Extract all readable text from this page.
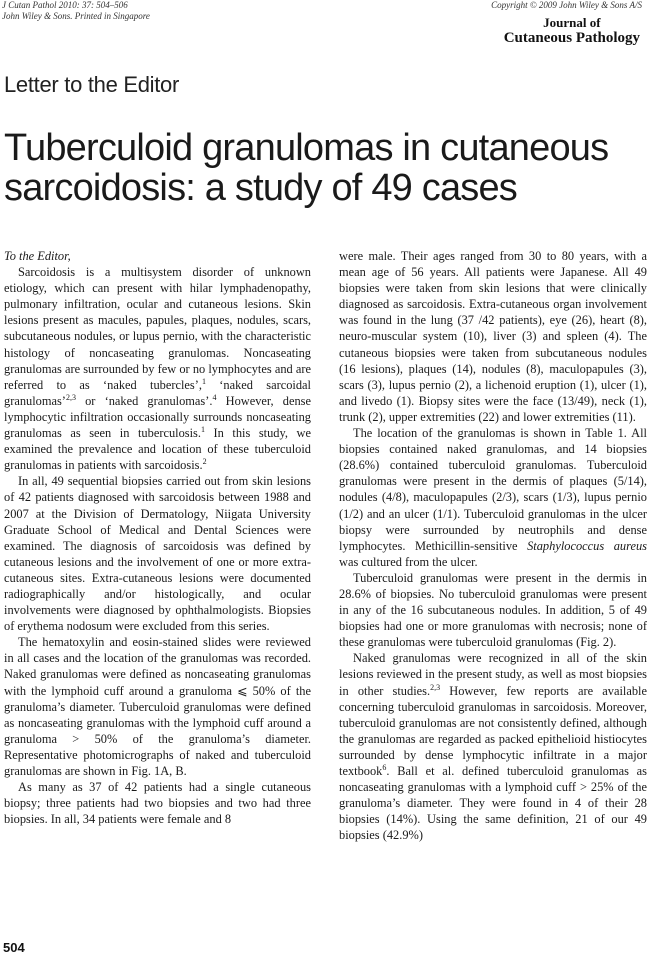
J Cutan Pathol 2010: 37: 504–506
John Wiley & Sons. Printed in Singapore
Copyright © 2009 John Wiley & Sons A/S
Journal of
Cutaneous Pathology
Letter to the Editor
Tuberculoid granulomas in cutaneous sarcoidosis: a study of 49 cases

To the Editor,

Sarcoidosis is a multisystem disorder of unknown etiology, which can present with hilar lymphadenopathy, pulmonary infiltration, ocular and cutaneous lesions. Skin lesions present as macules, papules, plaques, nodules, scars, subcutaneous nodules, or lupus pernio, with the characteristic histology of noncaseating granulomas. Noncaseating granulomas are surrounded by few or no lymphocytes and are referred to as ‘naked tubercles’,$^1$ ‘naked sarcoidal granulomas’$^{2,3}$ or ‘naked granulomas’.$^4$ However, dense lymphocytic infiltration occasionally surrounds noncaseating granulomas as seen in tuberculosis.$^1$ In this study, we examined the prevalence and location of these tuberculoid granulomas in patients with sarcoidosis.$^2$

In all, 49 sequential biopsies carried out from skin lesions of 42 patients diagnosed with sarcoidosis between 1988 and 2007 at the Division of Dermatology, Niigata University Graduate School of Medical and Dental Sciences were examined. The diagnosis of sarcoidosis was defined by cutaneous lesions and the involvement of one or more extra-cutaneous sites. Extra-cutaneous lesions were documented radiographically and/or histologically, and ocular involvements were diagnosed by ophthalmologists. Biopsies of erythema nodosum were excluded from this series.

The hematoxylin and eosin-stained slides were reviewed in all cases and the location of the granulomas was recorded. Naked granulomas were defined as noncaseating granulomas with the lymphoid cuff around a granuloma ⩽ 50% of the granuloma’s diameter. Tuberculoid granulomas were defined as noncaseating granulomas with the lymphoid cuff around a granuloma > 50% of the granuloma’s diameter. Representative photomicrographs of naked and tuberculoid granulomas are shown in Fig. 1A, B.

As many as 37 of 42 patients had a single cutaneous biopsy; three patients had two biopsies and two had three biopsies. In all, 34 patients were female and 8

were male. Their ages ranged from 30 to 80 years, with a mean age of 56 years. All patients were Japanese. All 49 biopsies were taken from skin lesions that were clinically diagnosed as sarcoidosis. Extra-cutaneous organ involvement was found in the lung (37 /42 patients), eye (26), heart (8), neuro-muscular system (10), liver (3) and spleen (4). The cutaneous biopsies were taken from subcutaneous nodules (16 lesions), plaques (14), nodules (8), maculopapules (3), scars (3), lupus pernio (2), a lichenoid eruption (1), ulcer (1), and livedo (1). Biopsy sites were the face (13/49), neck (1), trunk (2), upper extremities (22) and lower extremities (11).

The location of the granulomas is shown in Table 1. All biopsies contained naked granulomas, and 14 biopsies (28.6%) contained tuberculoid granulomas. Tuberculoid granulomas were present in the dermis of plaques (5/14), nodules (4/8), maculopapules (2/3), scars (1/3), lupus pernio (1/2) and an ulcer (1/1). Tuberculoid granulomas in the ulcer biopsy were surrounded by neutrophils and dense lymphocytes. Methicillin-sensitive Staphylococcus aureus was cultured from the ulcer.

Tuberculoid granulomas were present in the dermis in 28.6% of biopsies. No tuberculoid granulomas were present in any of the 16 subcutaneous nodules. In addition, 5 of 49 biopsies had one or more granulomas with necrosis; none of these granulomas were tuberculoid granulomas (Fig. 2).

Naked granulomas were recognized in all of the skin lesions reviewed in the present study, as well as most biopsies in other studies.$^{2,3}$ However, few reports are available concerning tuberculoid granulomas in sarcoidosis. Moreover, tuberculoid granulomas are not consistently defined, although the granulomas are regarded as packed epithelioid histiocytes surrounded by dense lymphocytic infiltrate in a major textbook$^6$. Ball et al. defined tuberculoid granulomas as noncaseating granulomas with a lymphoid cuff > 25% of the granuloma’s diameter. They were found in 4 of their 28 biopsies (14%). Using the same definition, 21 of our 49 biopsies (42.9%)

504
